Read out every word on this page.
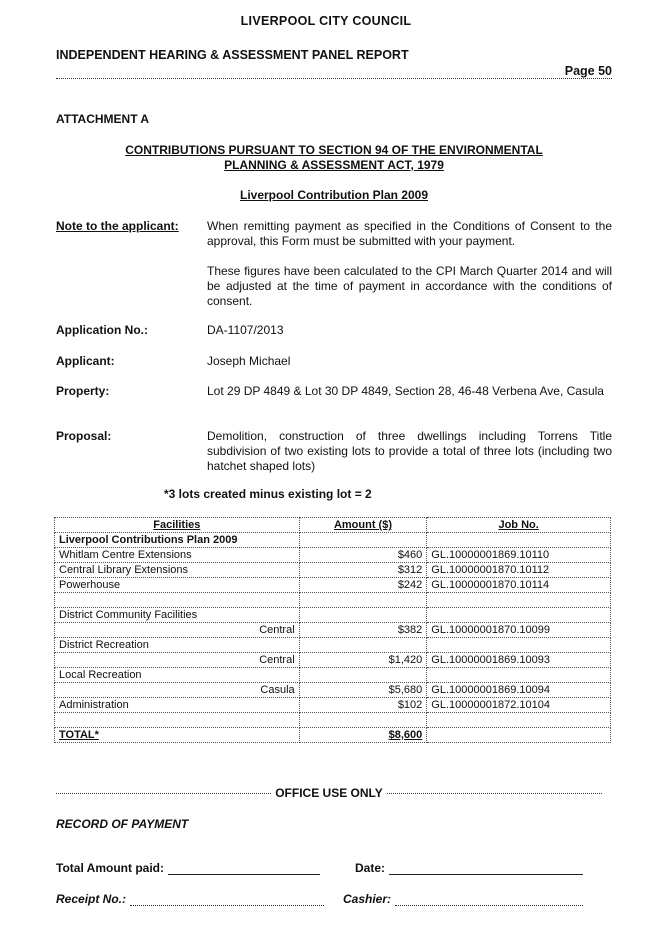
LIVERPOOL CITY COUNCIL
INDEPENDENT HEARING & ASSESSMENT PANEL REPORT
Page 50
ATTACHMENT A
CONTRIBUTIONS PURSUANT TO SECTION 94 OF THE ENVIRONMENTAL
PLANNING & ASSESSMENT ACT, 1979
Liverpool Contribution Plan 2009
Note to the applicant: When remitting payment as specified in the Conditions of Consent to the approval, this Form must be submitted with your payment.
These figures have been calculated to the CPI March Quarter 2014 and will be adjusted at the time of payment in accordance with the conditions of consent.
Application No.:	DA-1107/2013
Applicant:	Joseph Michael
Property:	Lot 29 DP 4849 & Lot 30 DP 4849, Section 28, 46-48 Verbena Ave, Casula
Proposal:	Demolition, construction of three dwellings including Torrens Title subdivision of two existing lots to provide a total of three lots (including two hatchet shaped lots)
*3 lots created minus existing lot = 2
Facilities	Amount ($)	Job No.
Liverpool Contributions Plan 2009		
Whitlam Centre Extensions	$460	GL.10000001869.10110
Central Library Extensions	$312	GL.10000001870.10112
Powerhouse	$242	GL.10000001870.10114

District Community Facilities		
Central	$382	GL.10000001870.10099
District Recreation		
Central	$1,420	GL.10000001869.10093
Local Recreation		
Casula	$5,680	GL.10000001869.10094
Administration	$102	GL.10000001872.10104

TOTAL*	$8,600	
OFFICE USE ONLY
RECORD OF PAYMENT
Total Amount paid:	Date:
Receipt No.:	Cashier:
